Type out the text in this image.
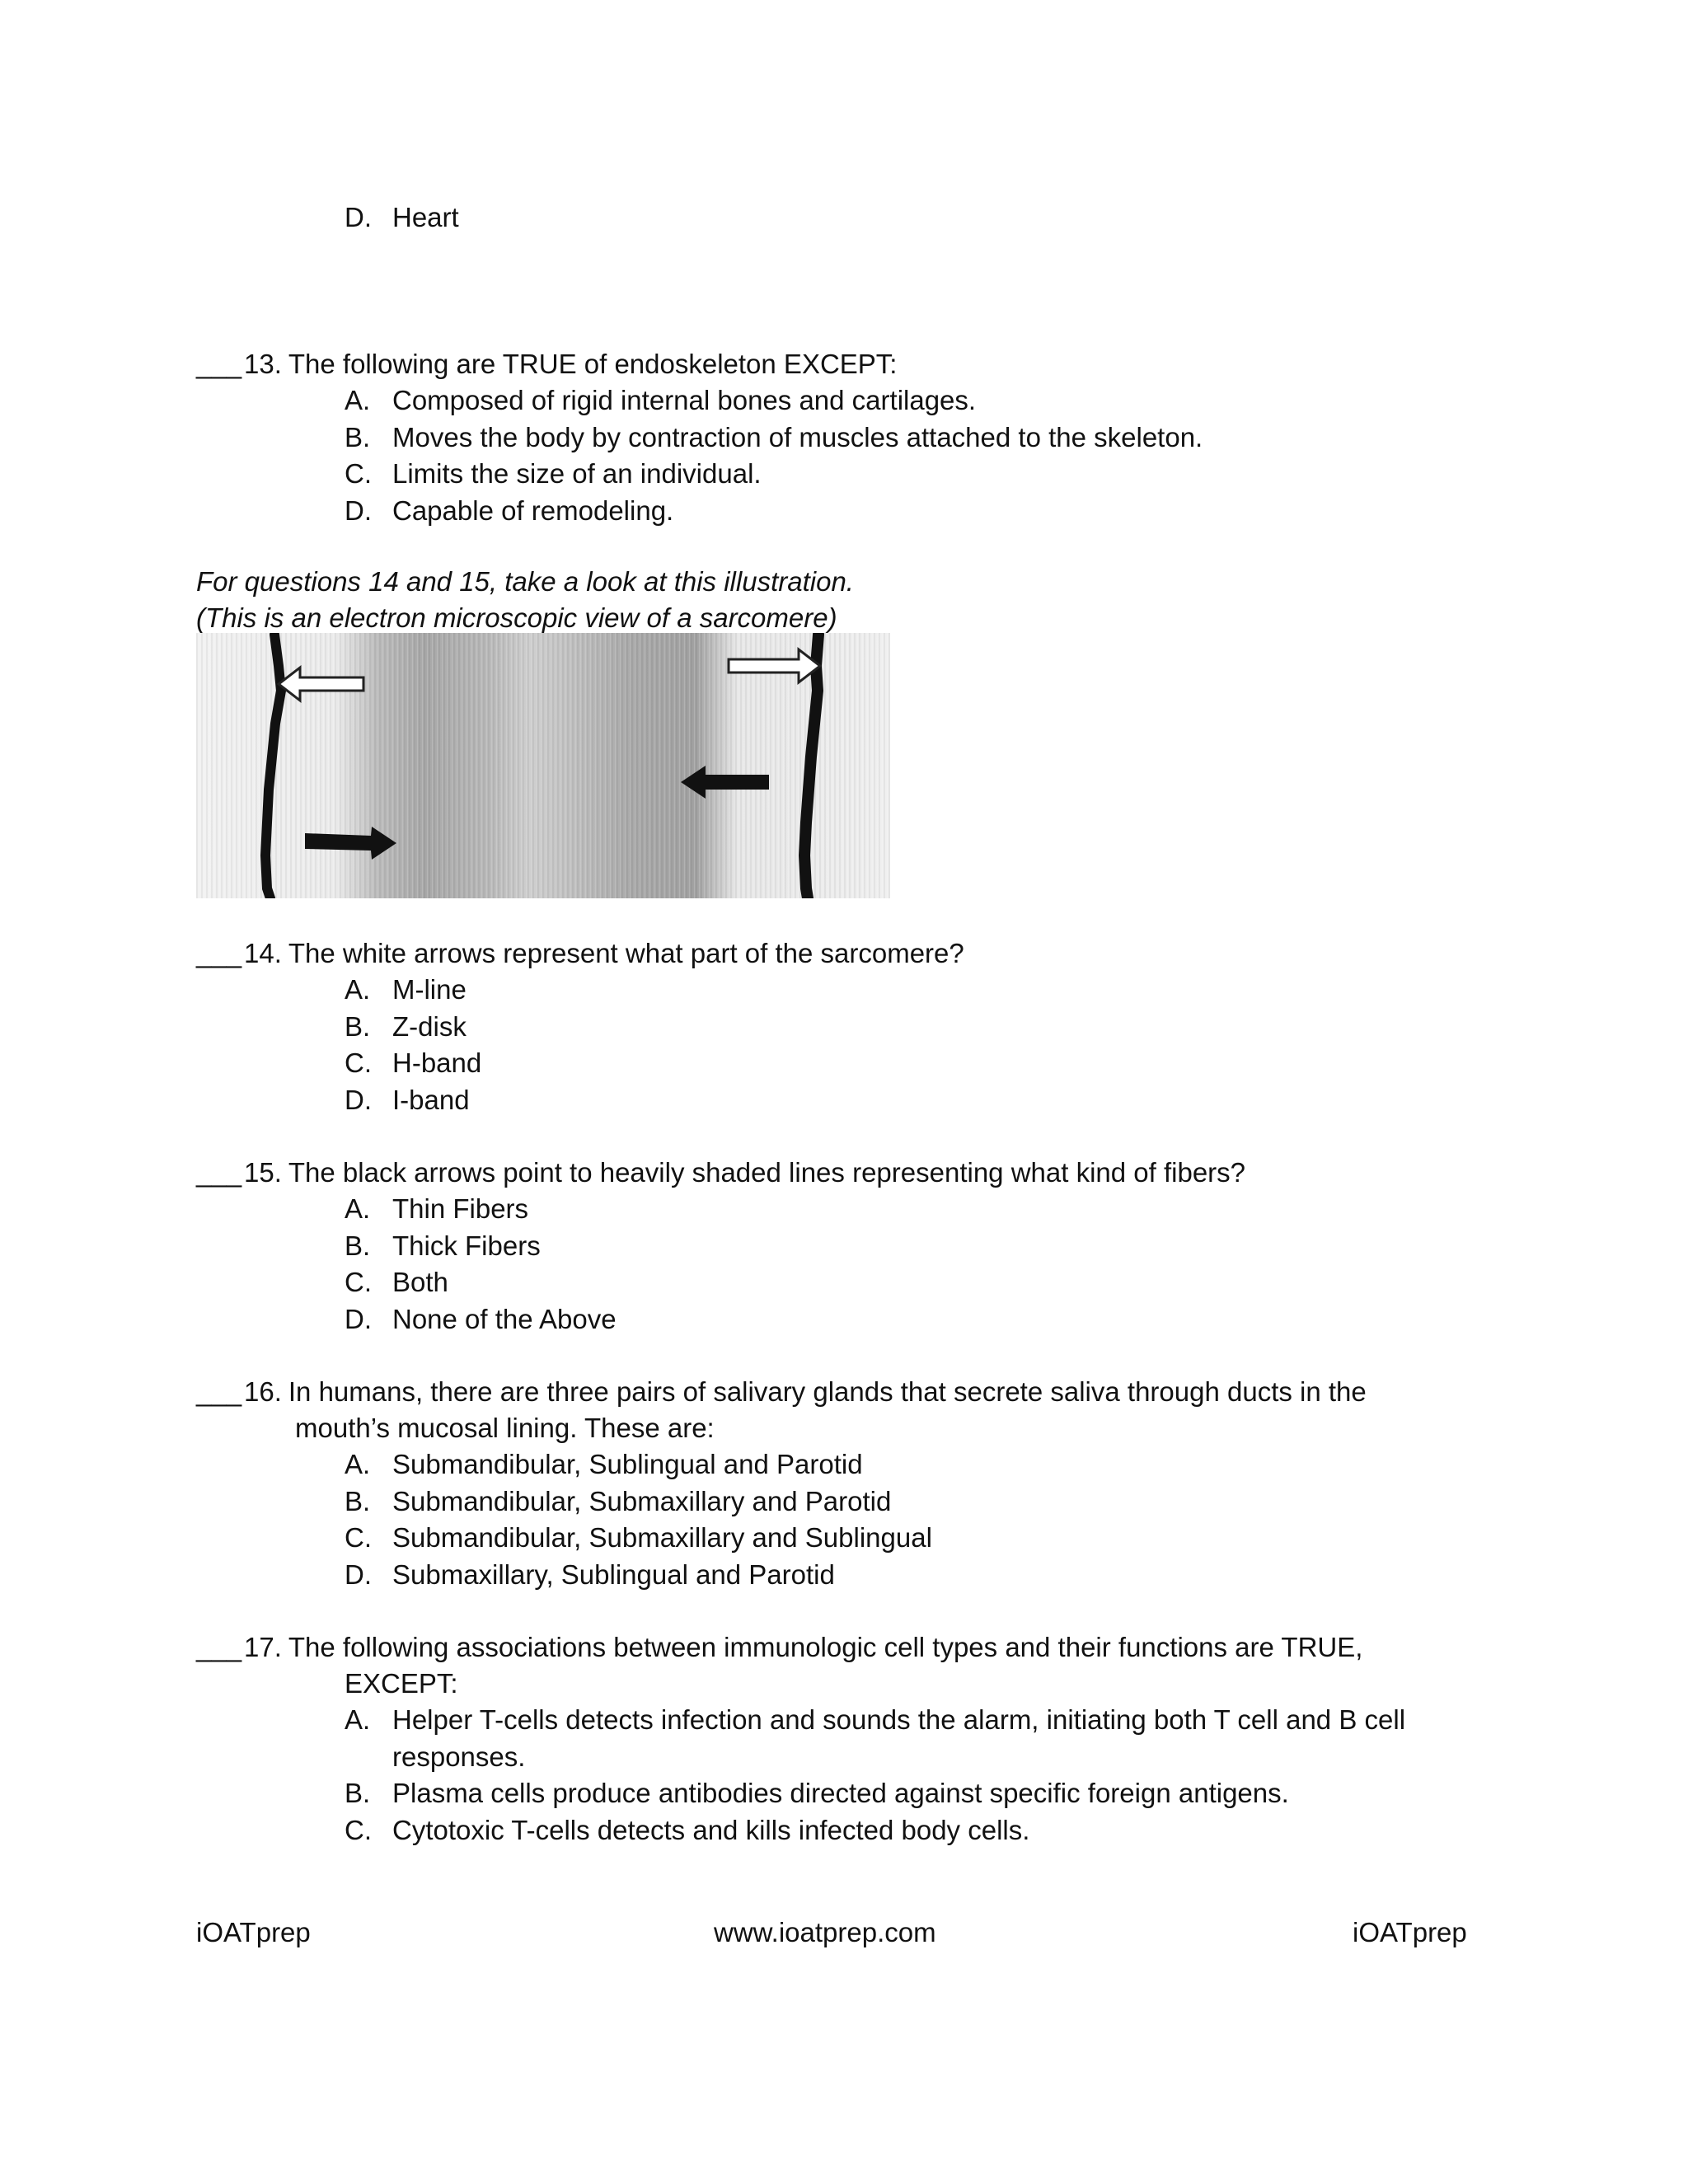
D. Heart
___13. The following are TRUE of endoskeleton EXCEPT:
A. Composed of rigid internal bones and cartilages.
B. Moves the body by contraction of muscles attached to the skeleton.
C. Limits the size of an individual.
D. Capable of remodeling.
For questions 14 and 15, take a look at this illustration.
(This is an electron microscopic view of a sarcomere)
___14. The white arrows represent what part of the sarcomere?
A. M-line
B. Z-disk
C. H-band
D. I-band
___15. The black arrows point to heavily shaded lines representing what kind of fibers?
A. Thin Fibers
B. Thick Fibers
C. Both
D. None of the Above
___16. In humans, there are three pairs of salivary glands that secrete saliva through ducts in the
mouth’s mucosal lining. These are:
A. Submandibular, Sublingual and Parotid
B. Submandibular, Submaxillary and Parotid
C. Submandibular, Submaxillary and Sublingual
D. Submaxillary, Sublingual and Parotid
___17. The following associations between immunologic cell types and their functions are TRUE,
EXCEPT:
A. Helper T-cells detects infection and sounds the alarm, initiating both T cell and B cell
responses.
B. Plasma cells produce antibodies directed against specific foreign antigens.
C. Cytotoxic T-cells detects and kills infected body cells.
iOATprep	www.ioatprep.com	iOATprep
